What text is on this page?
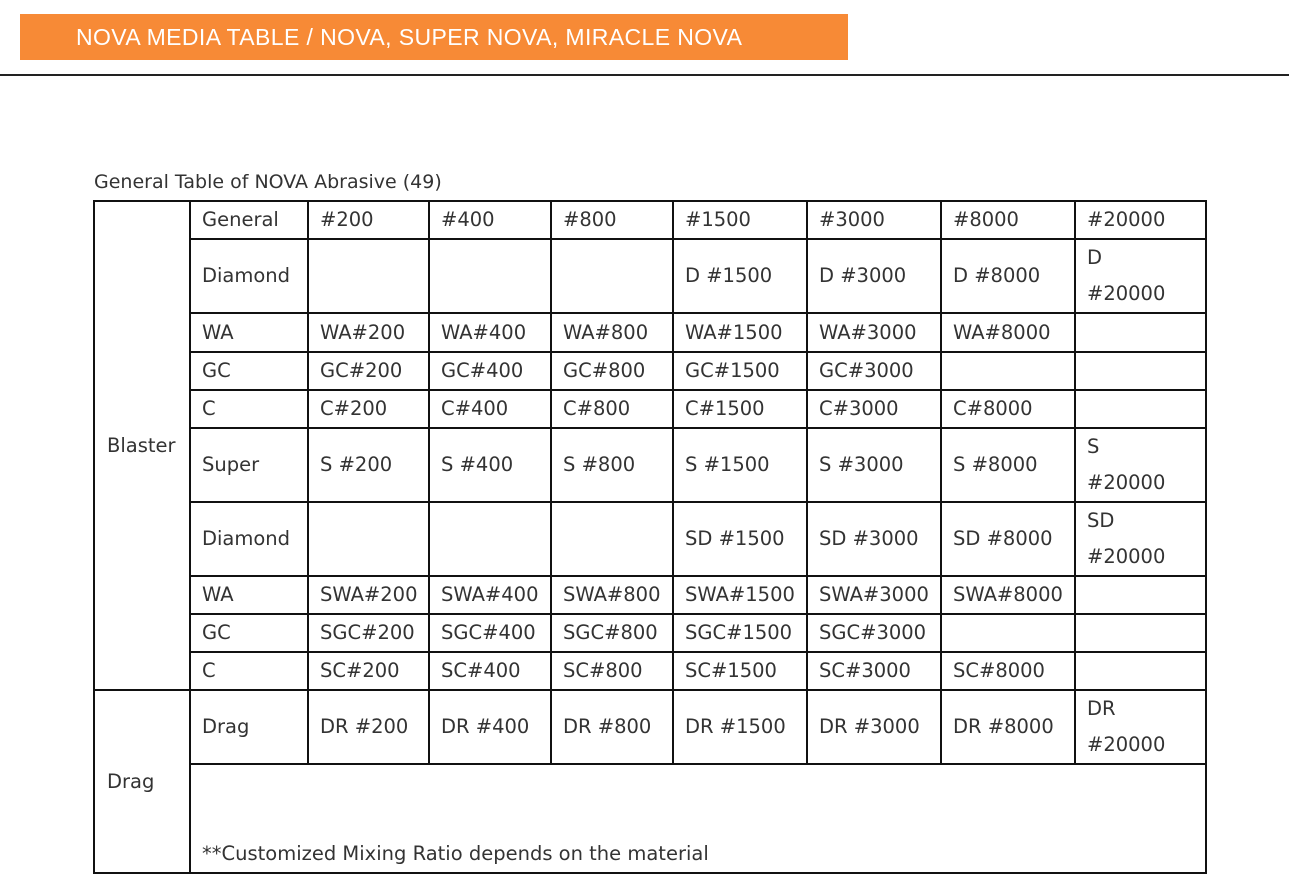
NOVA MEDIA TABLE / NOVA, SUPER NOVA, MIRACLE NOVA
General Table of NOVA Abrasive (49)
Blaster	General	#200	#400	#800	#1500	#3000	#8000	#20000
	Diamond				D #1500	D #3000	D #8000	D #20000
	WA	WA#200	WA#400	WA#800	WA#1500	WA#3000	WA#8000	
	GC	GC#200	GC#400	GC#800	GC#1500	GC#3000		
	C	C#200	C#400	C#800	C#1500	C#3000	C#8000	
	Super	S #200	S #400	S #800	S #1500	S #3000	S #8000	S #20000
	Diamond				SD #1500	SD #3000	SD #8000	SD #20000
	WA	SWA#200	SWA#400	SWA#800	SWA#1500	SWA#3000	SWA#8000	
	GC	SGC#200	SGC#400	SGC#800	SGC#1500	SGC#3000		
	C	SC#200	SC#400	SC#800	SC#1500	SC#3000	SC#8000	
Drag	Drag	DR #200	DR #400	DR #800	DR #1500	DR #3000	DR #8000	DR #20000
	**Customized Mixing Ratio depends on the material							
